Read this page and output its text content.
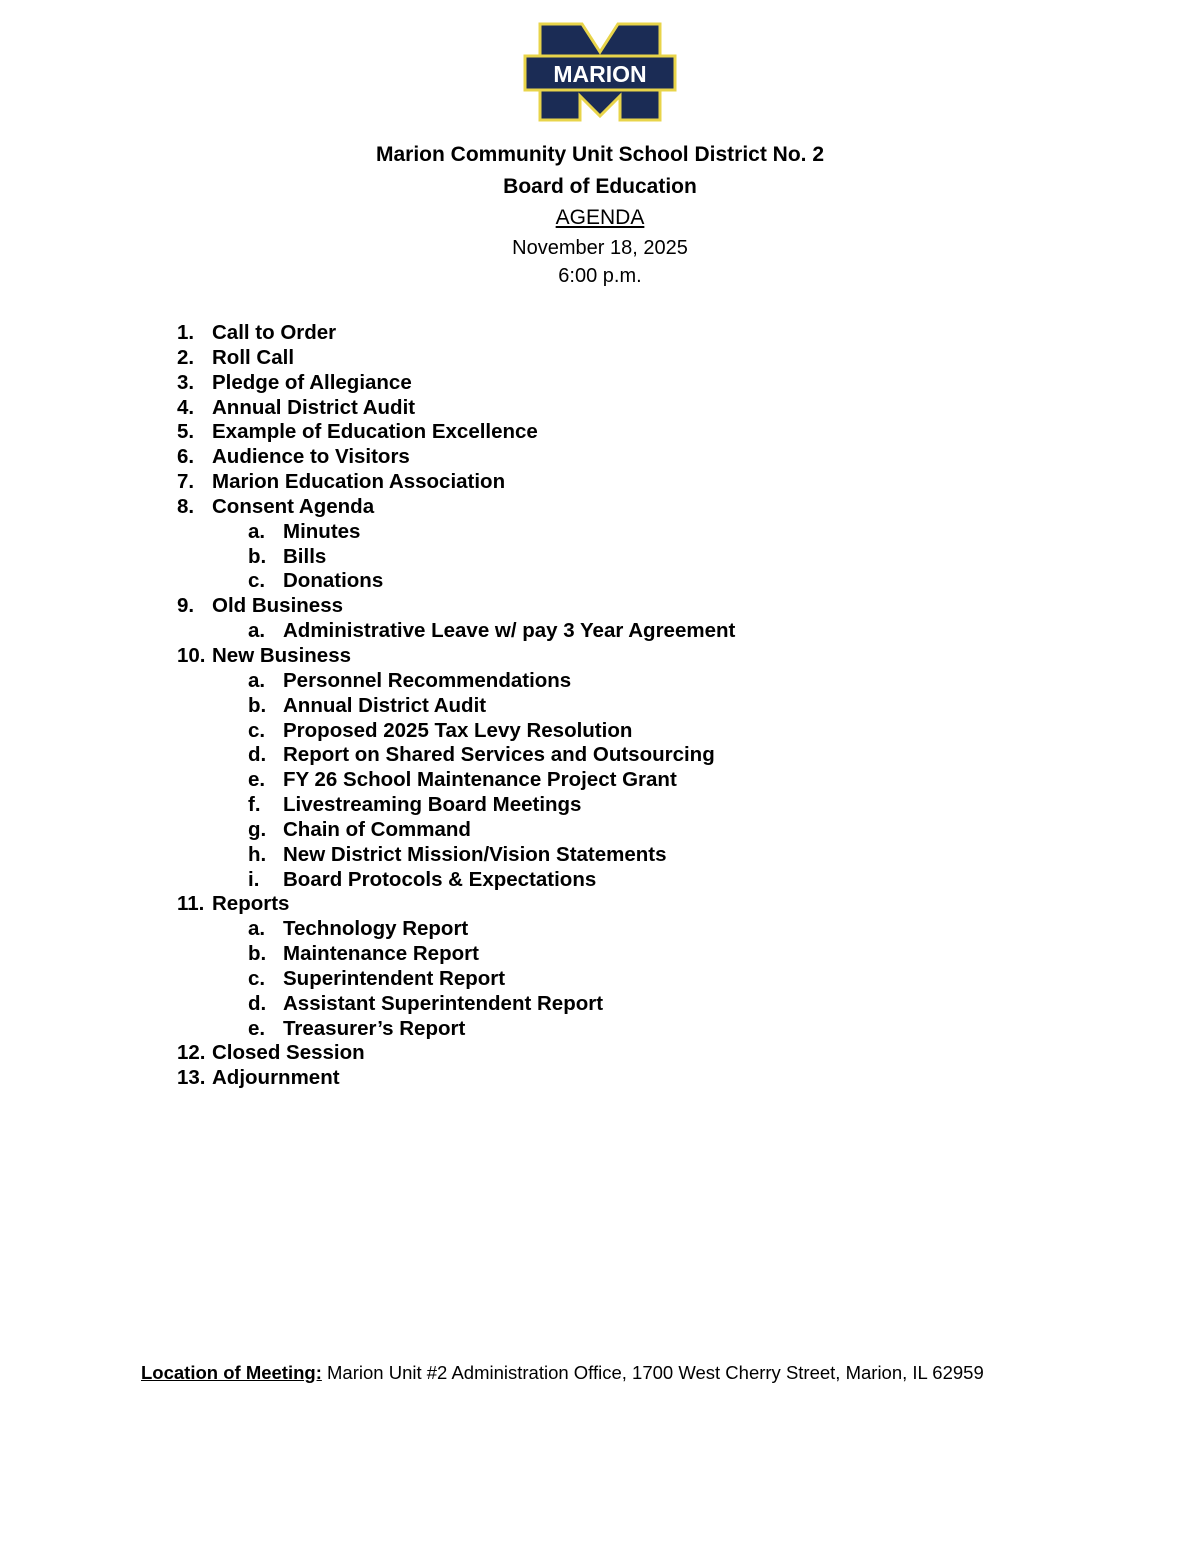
MARION
Marion Community Unit School District No. 2
Board of Education
AGENDA
November 18, 2025
6:00 p.m.
1. Call to Order
2. Roll Call
3. Pledge of Allegiance
4. Annual District Audit
5. Example of Education Excellence
6. Audience to Visitors
7. Marion Education Association
8. Consent Agenda
a. Minutes
b. Bills
c. Donations
9. Old Business
a. Administrative Leave w/ pay 3 Year Agreement
10. New Business
a. Personnel Recommendations
b. Annual District Audit
c. Proposed 2025 Tax Levy Resolution
d. Report on Shared Services and Outsourcing
e. FY 26 School Maintenance Project Grant
f.	Livestreaming Board Meetings
g. Chain of Command
h. New District Mission/Vision Statements
i.	Board Protocols & Expectations
11. Reports
a. Technology Report
b. Maintenance Report
c. Superintendent Report
d. Assistant Superintendent Report
e. Treasurer’s Report
12. Closed Session
13. Adjournment
Location of Meeting: Marion Unit #2 Administration Office, 1700 West Cherry Street, Marion, IL 62959
